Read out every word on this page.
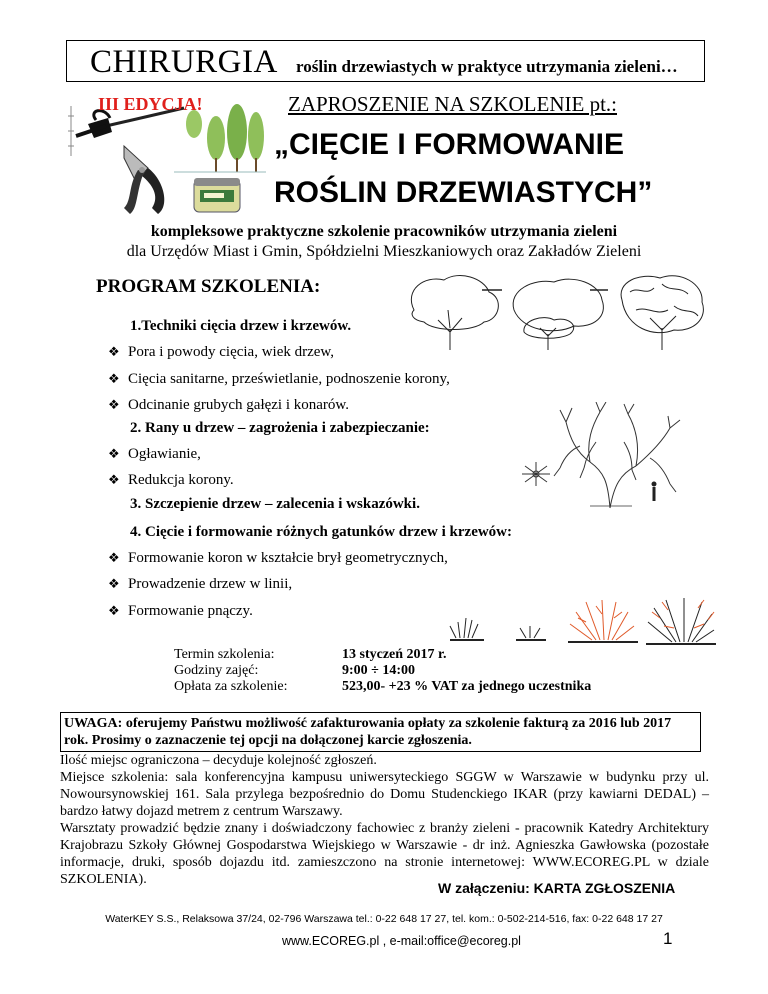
CHIRURGIA roślin drzewiastych w praktyce utrzymania zieleni…
III EDYCJA!	ZAPROSZENIE NA SZKOLENIE pt.:
„CIĘCIE I FORMOWANIE
ROŚLIN DRZEWIASTYCH”
kompleksowe praktyczne szkolenie pracowników utrzymania zieleni
dla Urzędów Miast i Gmin, Spółdzielni Mieszkaniowych oraz Zakładów Zieleni
PROGRAM SZKOLENIA:
1.Techniki cięcia drzew i krzewów.
❖ Pora i powody cięcia, wiek drzew,
❖ Cięcia sanitarne, prześwietlanie, podnoszenie korony,
❖ Odcinanie grubych gałęzi i konarów.
2. Rany u drzew – zagrożenia i zabezpieczanie:
❖ Ogławianie,
❖ Redukcja korony.
3. Szczepienie drzew – zalecenia i wskazówki.
4. Cięcie i formowanie różnych gatunków drzew i krzewów:
❖ Formowanie koron w kształcie brył geometrycznych,
❖ Prowadzenie drzew w linii,
❖ Formowanie pnączy.
Termin szkolenia:
Godziny zajęć:
Opłata za szkolenie:
13 styczeń 2017 r.
9:00 ÷ 14:00
523,00- +23 % VAT za jednego uczestnika
UWAGA: oferujemy Państwu możliwość zafakturowania opłaty za szkolenie fakturą za 2016 lub 2017 rok. Prosimy o zaznaczenie tej opcji na dołączonej karcie zgłoszenia.
Ilość miejsc ograniczona – decyduje kolejność zgłoszeń.
Miejsce szkolenia: sala konferencyjna kampusu uniwersyteckiego SGGW w Warszawie w budynku przy ul. Nowoursynowskiej 161. Sala przylega bezpośrednio do Domu Studenckiego IKAR (przy kawiarni DEDAL) – bardzo łatwy dojazd metrem z centrum Warszawy.
Warsztaty prowadzić będzie znany i doświadczony fachowiec z branży zieleni - pracownik Katedry Architektury Krajobrazu Szkoły Głównej Gospodarstwa Wiejskiego w Warszawie - dr inż. Agnieszka Gawłowska (pozostałe informacje, druki, sposób dojazdu itd. zamieszczono na stronie internetowej: WWW.ECOREG.PL w dziale SZKOLENIA).
W załączeniu: KARTA ZGŁOSZENIA
WaterKEY S.S., Relaksowa 37/24, 02-796 Warszawa tel.: 0-22 648 17 27, tel. kom.: 0-502-214-516, fax: 0-22 648 17 27
www.ECOREG.pl , e-mail:office@ecoreg.pl	1
